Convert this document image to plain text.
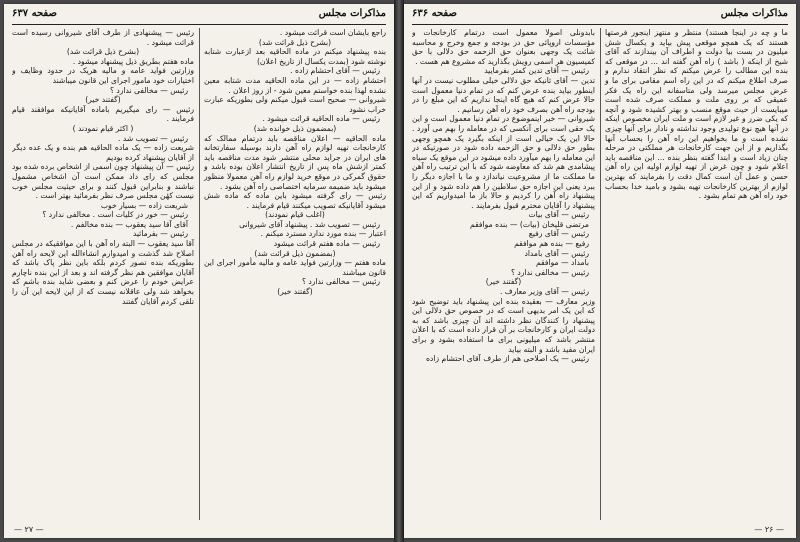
مذاکرات مجلس
صفحه ۶۳۷

راجع بایشان است قرائت میشود .

(بشرح ذیل قرائت شد)

بنده پیشنهاد میکنم در ماده الحاقیه بعد ازعبارت شتابه نوشته شود (بمدت یکسال از تاریخ اعلان)

رئیس — آقای احتشام زاده .

احتشام زاده — در این ماده الحاقیه مدت شتابه معین نشده لهذا بنده خواستم معین شود - از روز اعلان .

شیروانی — صحیح است قبول میکنم ولی بطوریکه عبارت خراب نشود

رئیس — ماده الحاقیه قرائت میشود .

(بمضمون ذیل خوانده شد)

ماده الحاقیه — اعلان مناقصه باید درتمام ممالک که کارخانجات تهیه لوازم راه آهن دارند بوسیله سفارتخانه های ایران در جراید محلی منتشر شود مدت مناقصه باید کمتر ازشش ماه پس از تاریخ انتشار اعلان بوده باشد و حقوق گمرکی در موقع خرید لوازم راه آهن معمولا منظور میشود باید ضمیمه سرمایه اختصاصی راه آهن بشود .

رئیس — رای گرفته میشود باین ماده که ماده شش میشود آقایانیکه تصویب میکنند قیام فرمایند .

(اغلب قیام نمودند)

رئیس — تصویب شد . پیشنهاد آقای شیروانی

اعتبار — بنده مورد ندارد مسترد میکنم .

رئیس — ماده هفتم قرائت میشود

(بمضمون ذیل قرائت شد)

ماده هفتم — وزارتین فواید عامه و مالیه مأمور اجرای این قانون میباشند

رئیس — مخالفی ندارد ؟

(گفتند خیر)

رئیس — پیشنهادی از طرف آقای شیروانی رسیده است قرائت میشود .

(بشرح ذیل قرائت شد)

ماده هفتم بطریق ذیل پیشنهاد میشود .

وزارتین فواید عامه و مالیه هریک در حدود وظایف و اختیارات خود مامور اجرای این قانون میباشند

رئیس — مخالفی ندارد ؟

(گفتند خیر)

رئیس — رای میگیریم باماده آقایانیکه موافقند قیام فرمایند .

( اکثر قیام نمودند )

رئیس — تصویب شد .

شریعت زاده — یک ماده الحاقیه هم بنده و یک عده دیگر از آقایان پیشنهاد کرده بودیم

رئیس — آن پیشنهاد چون اسمی از اشخاص برده شده بود مجلس که رای داد ممکن است آن اشخاص مشمول نباشند و بنابراین قبول کنند و برای حیثیت مجلس خوب نیست کهٔن مجلس صرف نظر بفرمائید بهتر است .

شریعت زاده — بسیار خوب

رئیس — خور در کلیات است . مخالفی ندارد ؟

آقای آقا سید یعقوب — بنده مخالفم .

رئیس — بفرمائید

آقا سید یعقوب — البته راه آهن با این موافقیکه در مجلس اصلاح شد گذشت و امیدوارم انشاءالله این لایحه راه آهن بطوریکه بنده تصور کردم بلکه باین نظر پاک باشد که آقایان موافقین هم نظر گرفته اند و بعد از این بنده ناچارم عرایض خودم را عرض کنم و بعضی شاید بنده باشم که بخواهد شد ولی عاقلانه نیست که از این لایحه این آن را تلقی کردم آقایان گفتند

— ۲۷ —
مذاکرات مجلس
صفحه ۶۳۶

ما و چه در اینجا هستند) منتظر و منتهز اینجور فرصتها هستند که یک همچو موقعی پیش بیاید و یکسال شش میلیون در بست بیا دولت و اطراف آن بیندازند که آقای شیخ از اینکه ( باشد ) راه آهن گفته اند ... در موقعی که بنده این مطالب را عرض میکنم که نظر انتقاد ندارم و صرف اطلاع میکنم که در این راه اسم مقامی برای ما و عرض مجلس میرسد ولی متاسفانه این راه یک فکر عمیقی که بر روی ملت و مملکت صرف شده است میبایست از حیث موقع منسب و بهتر کشیده شود و آنچه که یکی ضرر و غیر لازم است و ملت ایران مخصوص اینکه در آنها هیچ نوع تولیدی وجود نداشته و نادار برای آنها چیزی نشده است و ما بخواهیم این راه آهن را بحساب آنها بگذاریم و از این جهت کارخانجات هر مملکتی در مرحله چنان زیاد است و ابتدا گفته بنظر بنده ... این مناقصه باید اعلام شود و چون غرض از تهیه لوازم اولیه این راه آهن حسن و عمل آن است کمال دقت را بفرمایند که بهترین لوازم از بهترین کارخانجات تهیه بشود و بامید خدا بحساب خود راه آهن هم تمام بشود .

بابدونلی اصولا معمول است درتمام کارخانجات و مؤسسات اروپائی حق در بودجه و جمع وخرج و محاسبه شائت یک وجهی بعنوان حق الزحمه حق دلالی با حق کمیسیون هر اسمی رویش بگذارید که مشروع هم هست .

رئیس — آقای تدین کمتر بفرمایید

تدین — آقای ثانیکه حق دلالی خیلی مطلوب نیست در آنها اینطور بیاید بنده عرض کنم که در تمام دنیا معمول است حالا عرض کنم که هیچ گاه اینجا نداریم که این مبلغ را در بودجه راه آهن بصرف خود راه آهن رسانیم .

شیروانی — خیر اینموضوع در تمام دنیا معمول است و این یک حقی است برای آنکسی که در معامله را بهم می آورد . حالا این یک خیالی است از اینکه بگیرد یک همچو وجهی بطور حق دلالی و حق الزحمه داده شود در صورتیکه در این معامله را بهم میآورد داده میشود در این موقع یک سیاه پیشامدی هم شد که معاوضه شود که با این ترتیب راه آهن ما مملکت ما از مشروعیت نیاندازد و ما با اجازه دیگر را ببرد یعنی این اجازه حق سلاطین را هم داده شود و از این پیشنهاد راه آهن را کردیم و حالا باز ما امیدواریم که این پیشنهاد را آقایان محترم قبول بفرمایند .

رئیس — آقای بیات

مرتضی قلیخان (بیات) — بنده موافقم

رئیس — آقای رفیع

رفیع — بنده هم موافقم

رئیس — آقای بامداد

بامداد — موافقم

رئیس — مخالفی ندارد ؟

(گفتند خیر)

رئیس — آقای وزیر معارف .

وزیر معارف — بعقیده بنده این پیشنهاد باید توضیح شود که این یک امر بدیهی است که در خصوص حق دلالی این پیشنهاد را کنندگان نظر داشته اند آن چیزی باشد که به دولت ایران و کارخانجات بر آن قرار داده است که با اعلان منتشر باشد که میلیونی برای ما استفاده بشود و برای ایران مفید باشد و البته بیاید

رئیس — یک اصلاحی هم از طرف آقای احتشام زاده

— ۲۶ —
